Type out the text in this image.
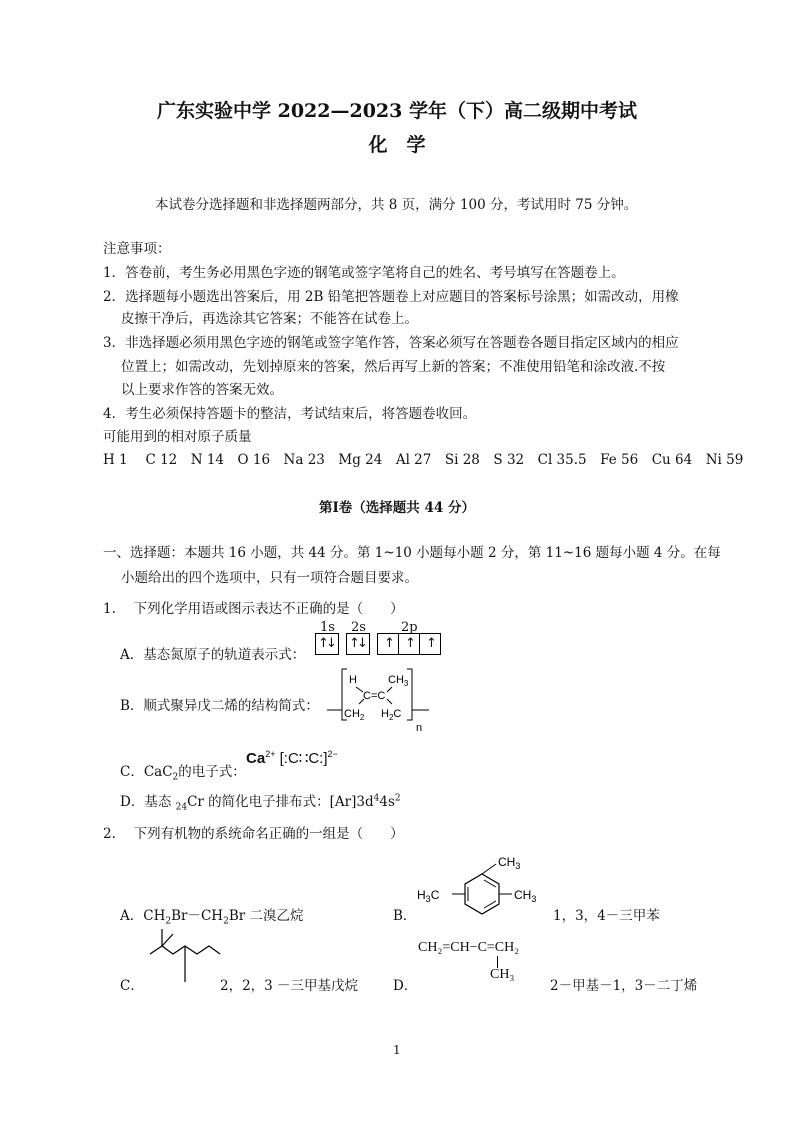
广东实验中学 2022—2023 学年（下）高二级期中考试
化　学
本试卷分选择题和非选择题两部分，共 8 页，满分 100 分，考试用时 75 分钟。
注意事项：
1．答卷前，考生务必用黑色字迹的钢笔或签字笔将自己的姓名、考号填写在答题卷上。
2．选择题每小题选出答案后，用 2B 铅笔把答题卷上对应题目的答案标号涂黑；如需改动，用橡
皮擦干净后，再选涂其它答案；不能答在试卷上。
3．非选择题必须用黑色字迹的钢笔或签字笔作答，答案必须写在答题卷各题目指定区域内的相应
位置上；如需改动，先划掉原来的答案，然后再写上新的答案；不准使用铅笔和涂改液.不按
以上要求作答的答案无效。
4．考生必须保持答题卡的整洁，考试结束后，将答题卷收回。
可能用到的相对原子质量
H 1　 C 12　N 14　O 16　Na 23　Mg 24　Al 27　Si 28　S 32　Cl 35.5　Fe 56　Cu 64　Ni 59
第Ⅰ卷（选择题共 44 分）
一、选择题：本题共 16 小题，共 44 分。第 1~10 小题每小题 2 分，第 11~16 题每小题 4 分。在每
小题给出的四个选项中，只有一项符合题目要求。
1.　 下列化学用语或图示表达不正确的是（　　）
1s 2s	2p
A．基态氮原子的轨道表示式：
↑
↓ ↑
↓ ↑ ↑ ↑
B．顺式聚异戊二烯的结构简式：
H	$CH_3$
C=C
$CH_2$ $H_2C$
n
C．CaC$_2$的电子式：
$Ca^{2+}$ [:C∷C:]$^{2-}$
D．基态 $_{24}$Cr 的简化电子排布式：$[Ar]3d^44s^2$
2.　 下列有机物的系统命名正确的一组是（　　）
A．$CH_2Br-CH_2Br$ 二溴乙烷	B．
$CH_3$
$H_3C$	$CH_3$
1，3，4－三甲苯
C．	2，2，3 －三甲基戊烷	D．
CH₂=CH−C=CH₂
CH₃
2－甲基－1，3－二丁烯
1
